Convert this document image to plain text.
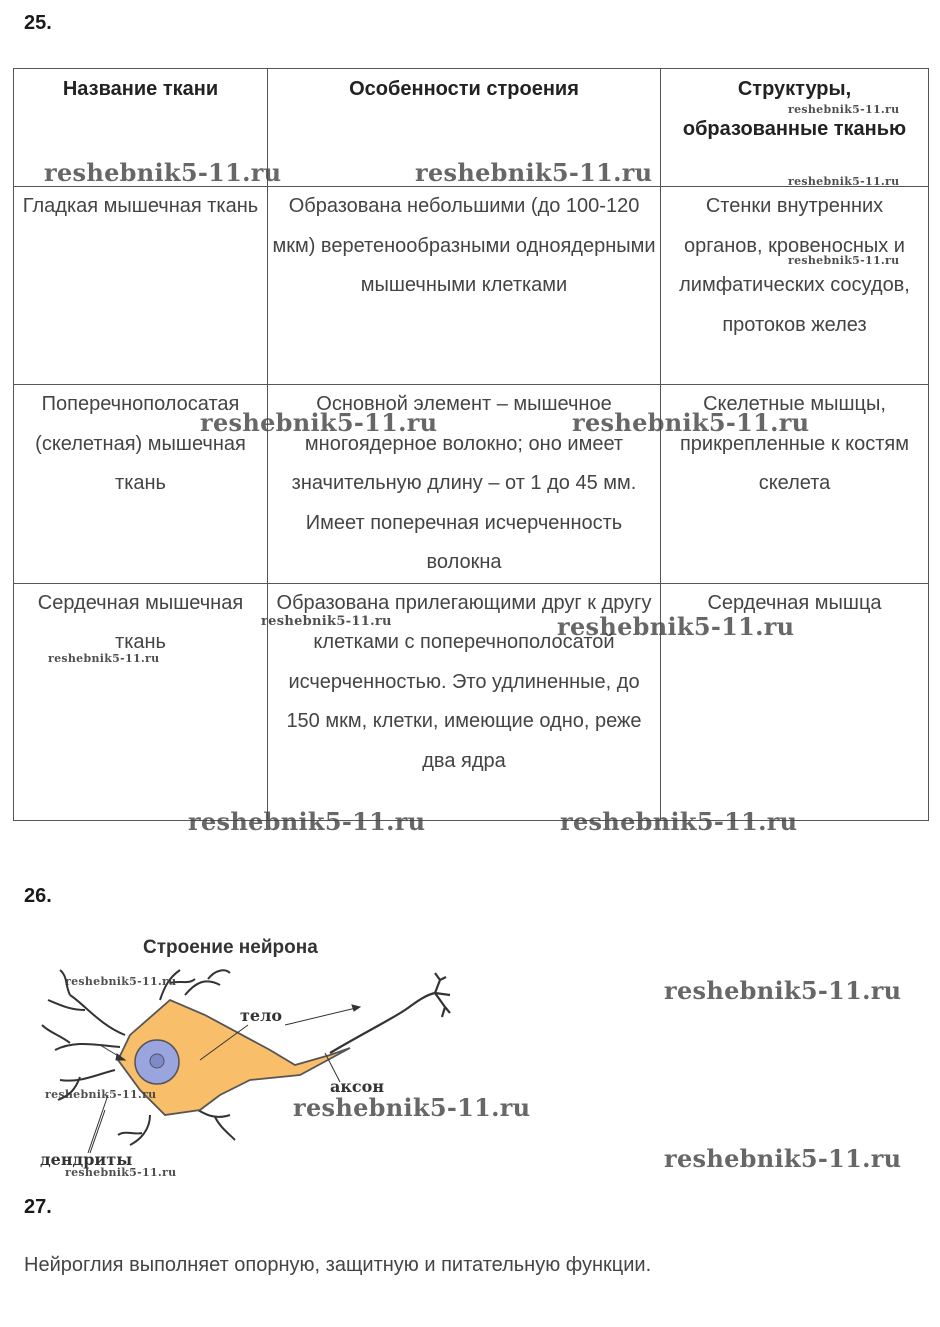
25.
Название ткани	Особенности строения	Структуры, образованные тканью
Гладкая мышечная ткань	Образована небольшими (до 100-120 мкм) веретенообразными одноядерными мышечными клетками	Стенки внутренних органов, кровеносных и лимфатических сосудов, протоков желез
Поперечнополосатая (скелетная) мышечная ткань	Основной элемент – мышечное многоядерное волокно; оно имеет значительную длину – от 1 до 45 мм. Имеет поперечная исчерченность волокна	Скелетные мышцы, прикрепленные к костям скелета
Сердечная мышечная ткань	Образована прилегающими друг к другу клетками с поперечнополосатой исчерченностью. Это удлиненные, до 150 мкм, клетки, имеющие одно, реже два ядра	Сердечная мышца
26.
Строение нейрона
тело
аксон
дендриты
27.
Нейроглия выполняет опорную, защитную и питательную функции.
reshebnik5-11.ru	reshebnik5-11.ru
reshebnik5-11.ru
reshebnik5-11.ru
reshebnik5-11.ru
reshebnik5-11.ru	reshebnik5-11.ru
reshebnik5-11.ru
reshebnik5-11.ru	reshebnik5-11.ru
reshebnik5-11.ru	reshebnik5-11.ru
reshebnik5-11.ru	reshebnik5-11.ru
reshebnik5-11.ru	reshebnik5-11.ru
reshebnik5-11.ru	reshebnik5-11.ru
